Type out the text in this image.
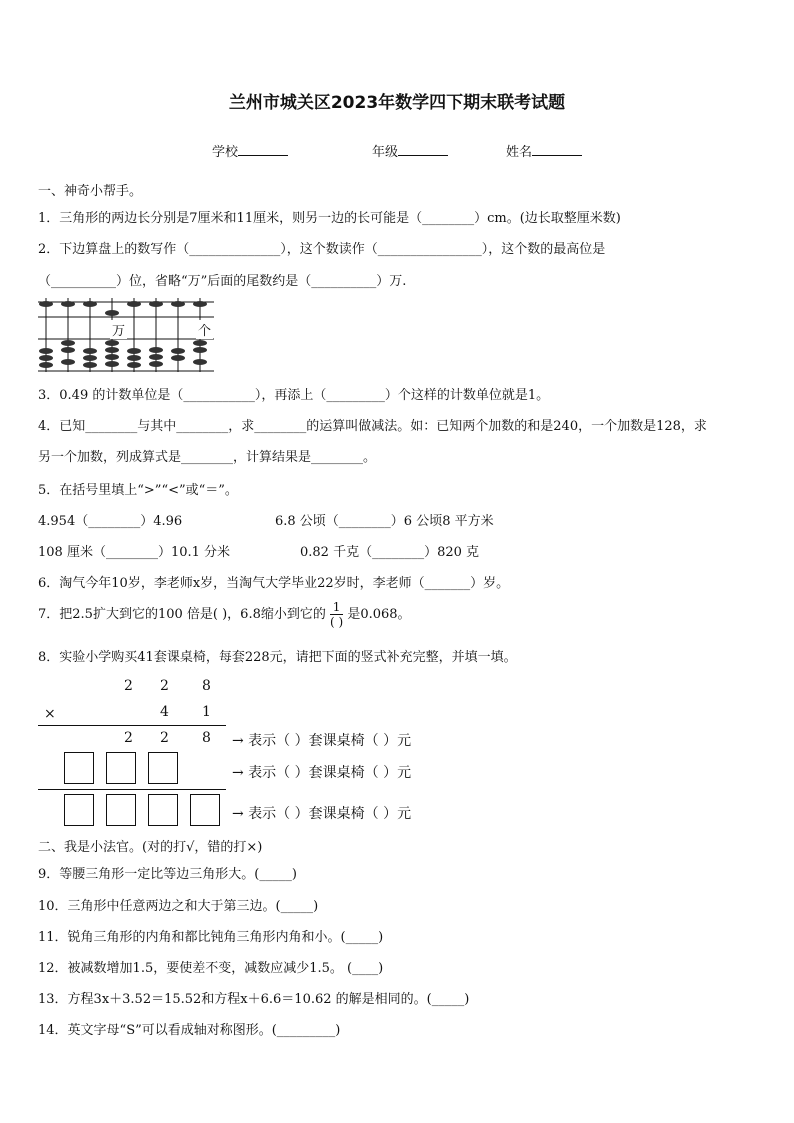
兰州市城关区2023年数学四下期末联考试题
学校	年级	姓名
一、神奇小帮手。
1．三角形的两边长分别是7厘米和11厘米，则另一边的长可能是（________）cm。(边长取整厘米数)
2．下边算盘上的数写作（______________），这个数读作（________________），这个数的最高位是
（__________）位，省略“万”后面的尾数约是（__________）万.
万	个
3．0.49 的计数单位是（___________），再添上（_________）个这样的计数单位就是1。
4．已知________与其中________，求________的运算叫做减法。如：已知两个加数的和是240，一个加数是128，求
另一个加数，列成算式是________，计算结果是________。
5．在括号里填上“>”“<”或“＝”。
4.954（________）4.96	6.8 公顷（________）6 公顷8 平方米
108 厘米（________）10.1 分米	0.82 千克（________）820 克
6．淘气今年10岁，李老师x岁，当淘气大学毕业22岁时，李老师（_______）岁。
7．把2.5扩大到它的100 倍是( )，6.8缩小到它的 $\frac{1}{( )}$ 是0.068。
8．实验小学购买41套课桌椅，每套228元，请把下面的竖式补充完整，并填一填。
2 2 8
×	4 1
2 2 8 → 表示（ ）套课桌椅（ ）元
→ 表示（ ）套课桌椅（ ）元
→ 表示（ ）套课桌椅（ ）元
二、我是小法官。(对的打√，错的打×)
9．等腰三角形一定比等边三角形大。(_____)
10．三角形中任意两边之和大于第三边。(_____)
11．锐角三角形的内角和都比钝角三角形内角和小。(_____)
12．被减数增加1.5，要使差不变，减数应减少1.5。 (____)
13．方程3x＋3.52＝15.52和方程x＋6.6＝10.62 的解是相同的。(_____)
14．英文字母“S”可以看成轴对称图形。(_________)
